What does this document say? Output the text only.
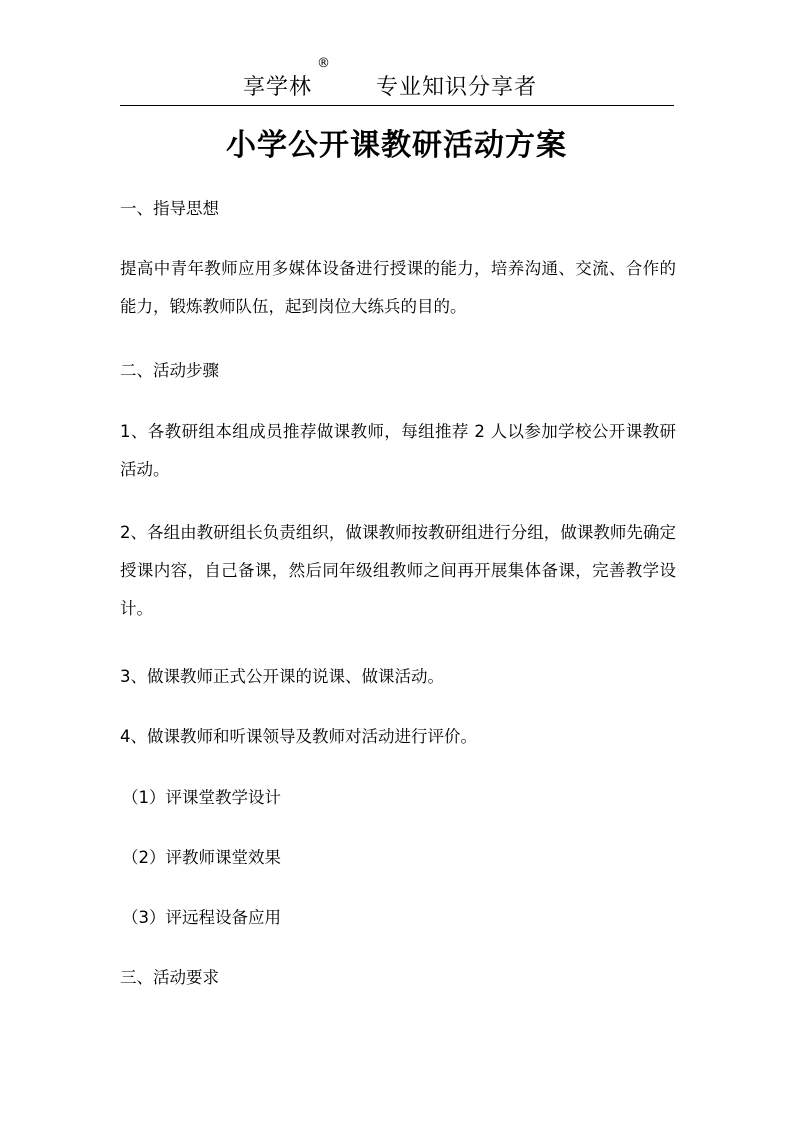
享学林
®
专业知识分享者
小学公开课教研活动方案

一、指导思想

提高中青年教师应用多媒体设备进行授课的能力，培养沟通、交流、合作的能力，锻炼教师队伍，起到岗位大练兵的目的。

二、活动步骤

1、各教研组本组成员推荐做课教师，每组推荐 2 人以参加学校公开课教研活动。

2、各组由教研组长负责组织，做课教师按教研组进行分组，做课教师先确定授课内容，自己备课，然后同年级组教师之间再开展集体备课，完善教学设计。

3、做课教师正式公开课的说课、做课活动。

4、做课教师和听课领导及教师对活动进行评价。

（1）评课堂教学设计

（2）评教师课堂效果

（3）评远程设备应用

三、活动要求
